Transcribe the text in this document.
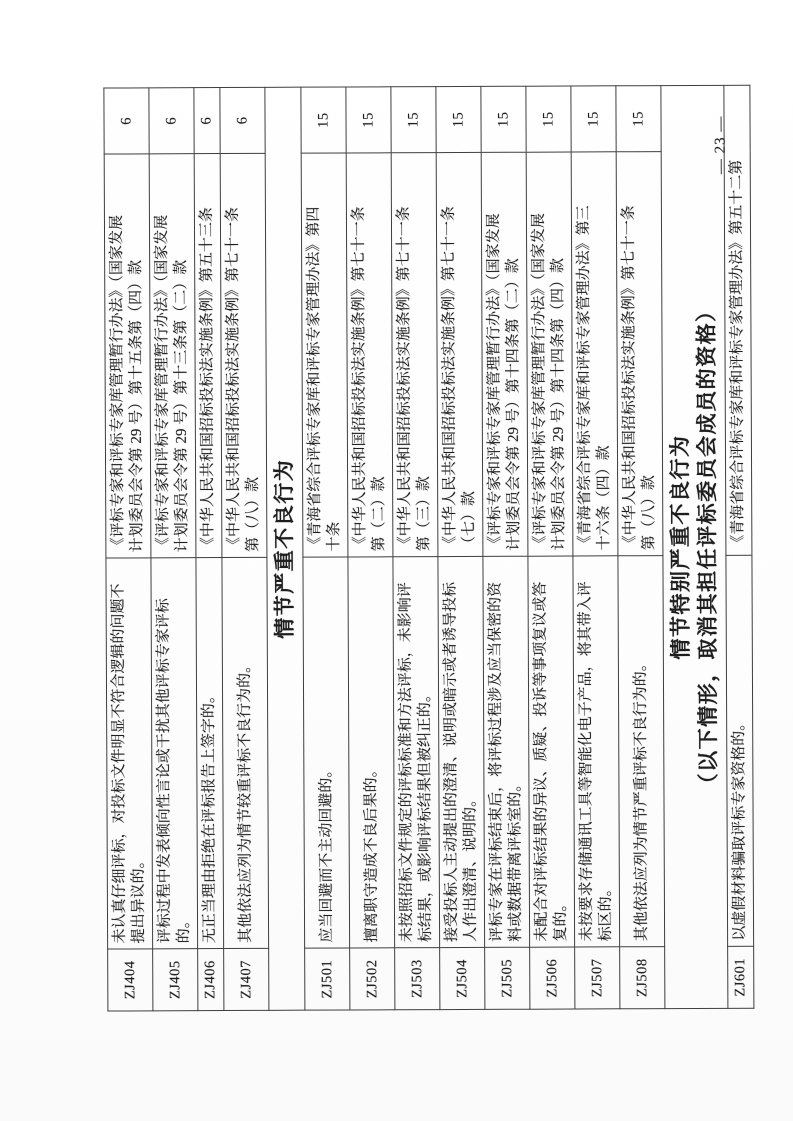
ZJ404	未认真仔细评标，对投标文件明显不符合逻辑的问题不
提出异议的。	《评标专家和评标专家库管理暂行办法》（国家发展
计划委员会令第 29 号）第十五条第（四）款	6
ZJ405	评标过程中发表倾向性言论或干扰其他评标专家评标
的。	《评标专家和评标专家库管理暂行办法》（国家发展
计划委员会令第 29 号）第十三条第（二）款	6
ZJ406	无正当理由拒绝在评标报告上签字的。	《中华人民共和国招标投标法实施条例》第五十三条	6
ZJ407	其他依法应列为情节较重评标不良行为的。	《中华人民共和国招标投标法实施条例》第七十一条
第（八）款	6
情节严重不良行为			
ZJ501	应当回避而不主动回避的。	《青海省综合评标专家库和评标专家管理办法》第四
十条	15
ZJ502	擅离职守造成不良后果的。	《中华人民共和国招标投标法实施条例》第七十一条
第（二）款	15
ZJ503	未按照招标文件规定的评标标准和方法评标，未影响评
标结果，或影响评标结果但被纠正的。	《中华人民共和国招标投标法实施条例》第七十一条
第（三）款	15
ZJ504	接受投标人主动提出的澄清、说明或暗示或者诱导投标
人作出澄清、说明的。	《中华人民共和国招标投标法实施条例》第七十一条
（七）款	15
ZJ505	评标专家在评标结束后，将评标过程涉及应当保密的资
料或数据带离评标室的。	《评标专家和评标专家库管理暂行办法》（国家发展
计划委员会令第 29 号）第十四条第（二）款	15
ZJ506	未配合对评标结果的异议、质疑、投诉等事项复议或答
复的。	《评标专家和评标专家库管理暂行办法》（国家发展
计划委员会令第 29 号）第十四条第（四）款	15
ZJ507	未按要求存储通讯工具等智能化电子产品，将其带入评
标区的。	《青海省综合评标专家库和评标专家管理办法》第三
十六条（四）款	15
ZJ508	其他依法应列为情节严重评标不良行为的。	《中华人民共和国招标投标法实施条例》第七十一条
第（八）款	15
情节特别严重不良行为
（以下情形，取消其担任评标委员会成员的资格）			
ZJ601	以虚假材料骗取评标专家资格的。	《青海省综合评标专家库和评标专家管理办法》第五十二第	
— 23 —
